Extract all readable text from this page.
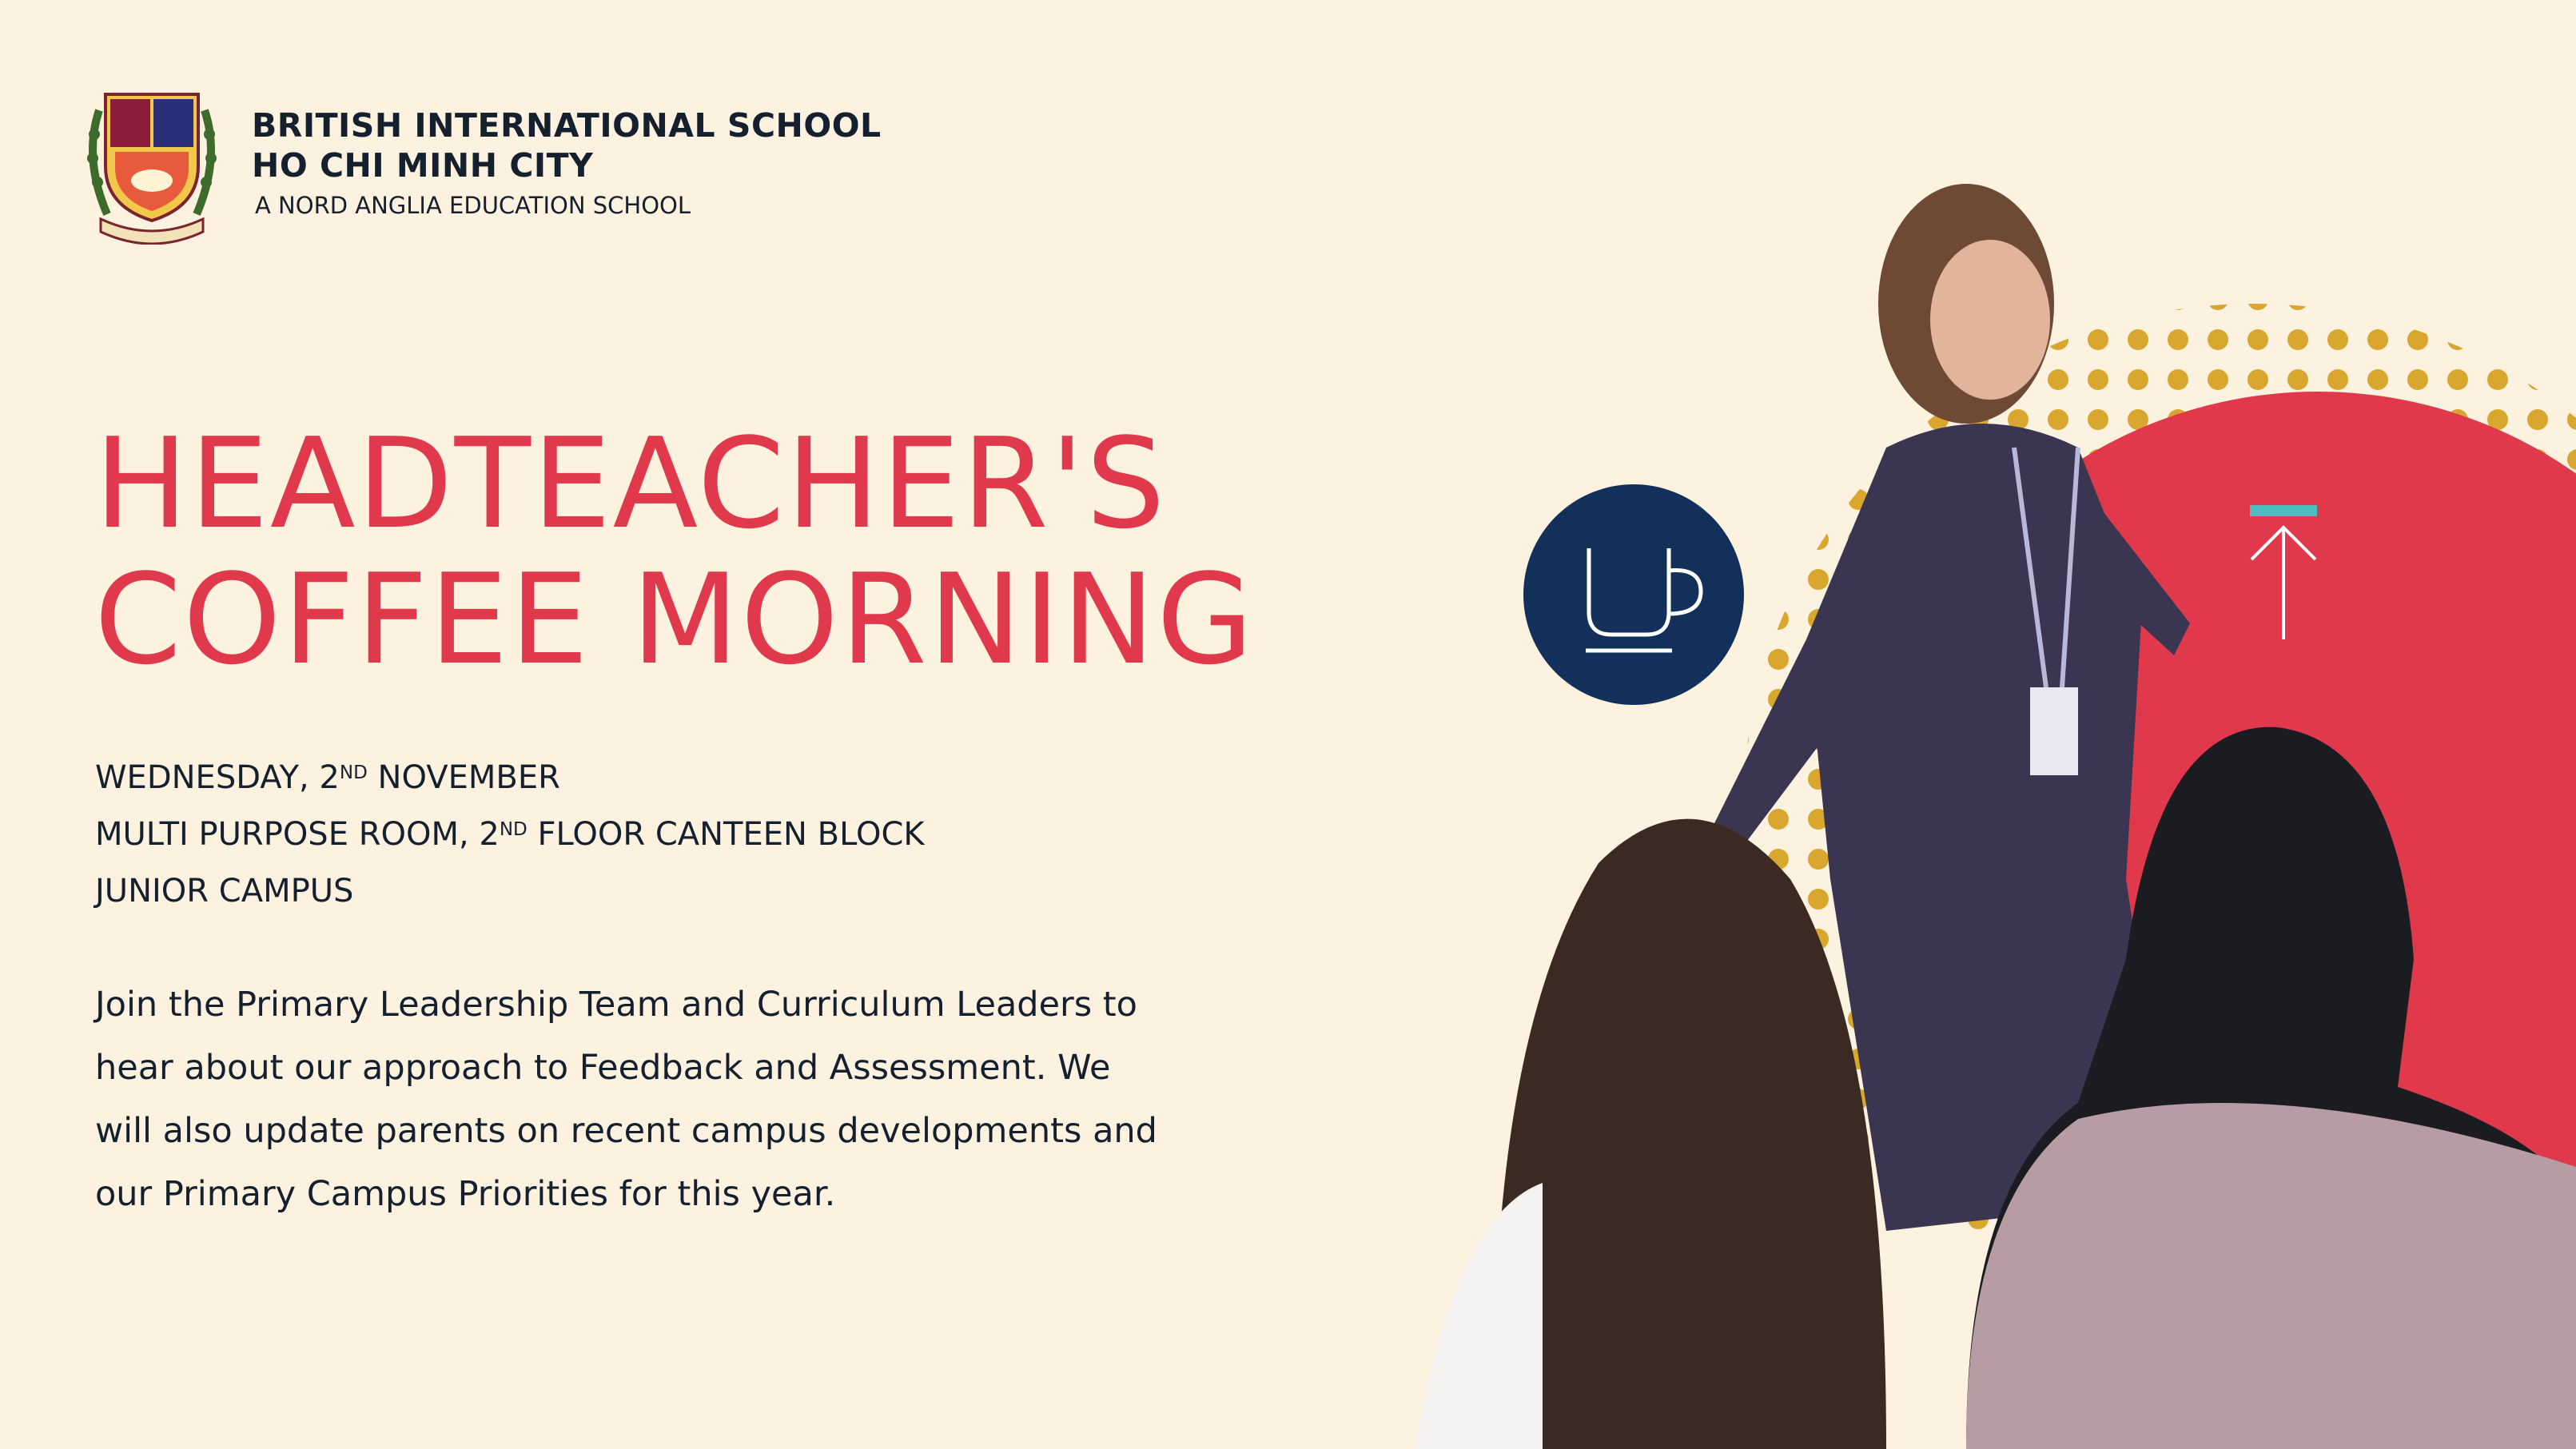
BRITISH INTERNATIONAL SCHOOL
HO CHI MINH CITY
A NORD ANGLIA EDUCATION SCHOOL
HEADTEACHER'S
COFFEE MORNING
WEDNESDAY, 2ND NOVEMBER
MULTI PURPOSE ROOM, 2ND FLOOR CANTEEN BLOCK
JUNIOR CAMPUS
Join the Primary Leadership Team and Curriculum Leaders to
hear about our approach to Feedback and Assessment. We
will also update parents on recent campus developments and
our Primary Campus Priorities for this year.
